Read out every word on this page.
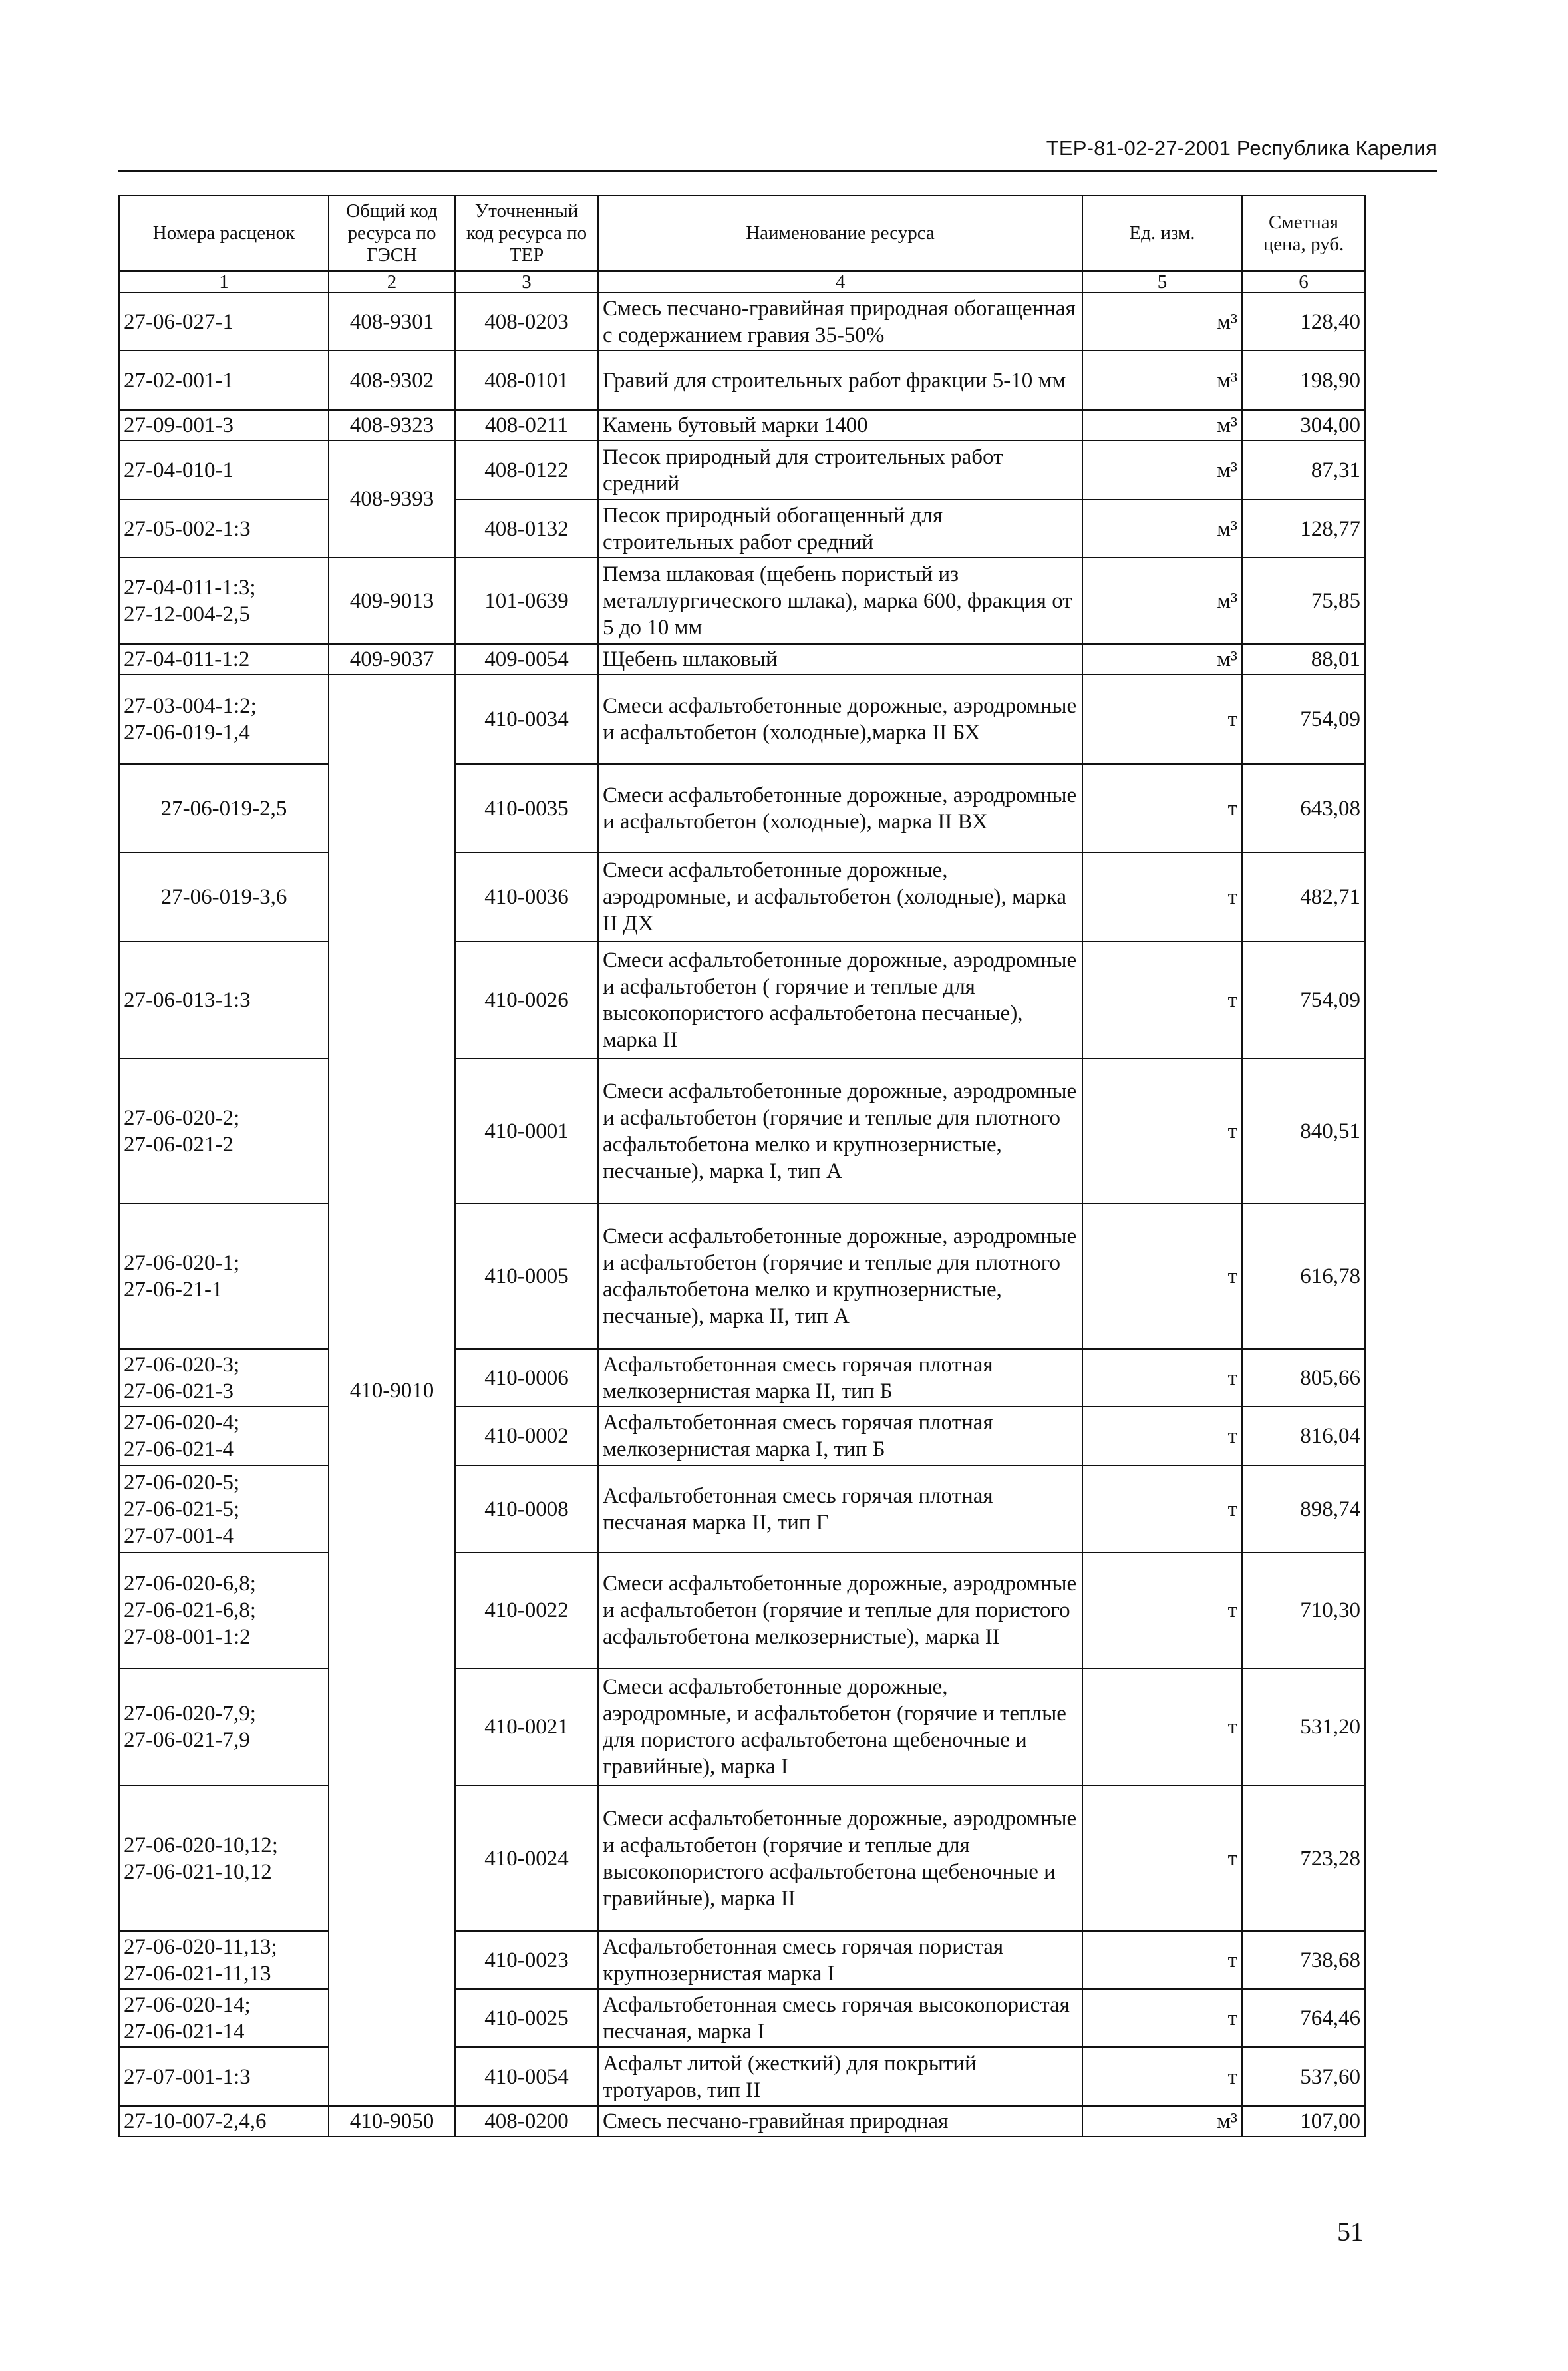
ТЕР-81-02-27-2001 Республика Карелия
Номера расценок	Общий код ресурса по ГЭСН	Уточненный код ресурса по ТЕР	Наименование ресурса	Ед. изм.	Сметная цена, руб.
1	2	3	4	5	6

27-06-027-1	408-9301	408-0203	Смесь песчано-гравийная природная обогащенная с содержанием гравия 35-50%	м³	128,40

27-02-001-1	408-9302	408-0101	Гравий для строительных работ фракции 5-10 мм	м³	198,90

27-09-001-3	408-9323	408-0211	Камень бутовый марки 1400	м³	304,00

27-04-010-1	408-9393	408-0122	Песок природный для строительных работ средний	м³	87,31

27-05-002-1:3		408-0132	Песок природный обогащенный для строительных работ средний	м³	128,77

27-04-011-1:3;
27-12-004-2,5	409-9013	101-0639	Пемза шлаковая (щебень пористый из металлургического шлака), марка 600, фракция от 5 до 10 мм	м³	75,85

27-04-011-1:2	409-9037	409-0054	Щебень шлаковый	м³	88,01

27-03-004-1:2;
27-06-019-1,4	410-9010	410-0034	Смеси асфальтобетонные дорожные, аэродромные и асфальтобетон (холодные),марка II БХ	т	754,09

27-06-019-2,5		410-0035	Смеси асфальтобетонные дорожные, аэродромные и асфальтобетон (холодные), марка II ВХ	т	643,08

27-06-019-3,6		410-0036	Смеси асфальтобетонные дорожные, аэродромные, и асфальтобетон (холодные), марка II ДХ	т	482,71

27-06-013-1:3		410-0026	Смеси асфальтобетонные дорожные, аэродромные и асфальтобетон ( горячие и теплые для высокопористого асфальтобетона песчаные), марка II	т	754,09

27-06-020-2;
27-06-021-2		410-0001	Смеси асфальтобетонные дорожные, аэродромные и асфальтобетон (горячие и теплые для плотного асфальтобетона мелко и крупнозернистые, песчаные), марка I, тип А	т	840,51

27-06-020-1;
27-06-21-1		410-0005	Смеси асфальтобетонные дорожные, аэродромные и асфальтобетон (горячие и теплые для плотного асфальтобетона мелко и крупнозернистые, песчаные), марка II, тип А	т	616,78

27-06-020-3;
27-06-021-3		410-0006	Асфальтобетонная смесь горячая плотная мелкозернистая марка II, тип Б	т	805,66

27-06-020-4;
27-06-021-4		410-0002	Асфальтобетонная смесь горячая плотная мелкозернистая марка I, тип Б	т	816,04

27-06-020-5;
27-06-021-5;
27-07-001-4		410-0008	Асфальтобетонная смесь горячая плотная песчаная марка II, тип Г	т	898,74

27-06-020-6,8;
27-06-021-6,8;
27-08-001-1:2		410-0022	Смеси асфальтобетонные дорожные, аэродромные и асфальтобетон (горячие и теплые для пористого асфальтобетона мелкозернистые), марка II	т	710,30

27-06-020-7,9;
27-06-021-7,9		410-0021	Смеси асфальтобетонные дорожные, аэродромные, и асфальтобетон (горячие и теплые для пористого асфальтобетона щебеночные и гравийные), марка I	т	531,20

27-06-020-10,12;
27-06-021-10,12		410-0024	Смеси асфальтобетонные дорожные, аэродромные и асфальтобетон (горячие и теплые для высокопористого асфальтобетона щебеночные и гравийные), марка II	т	723,28

27-06-020-11,13;
27-06-021-11,13		410-0023	Асфальтобетонная смесь горячая пористая крупнозернистая марка I	т	738,68

27-06-020-14;
27-06-021-14		410-0025	Асфальтобетонная смесь горячая высокопористая песчаная, марка I	т	764,46

27-07-001-1:3		410-0054	Асфальт литой (жесткий) для покрытий тротуаров, тип II	т	537,60

27-10-007-2,4,6	410-9050	408-0200	Смесь песчано-гравийная природная	м³	107,00
51
